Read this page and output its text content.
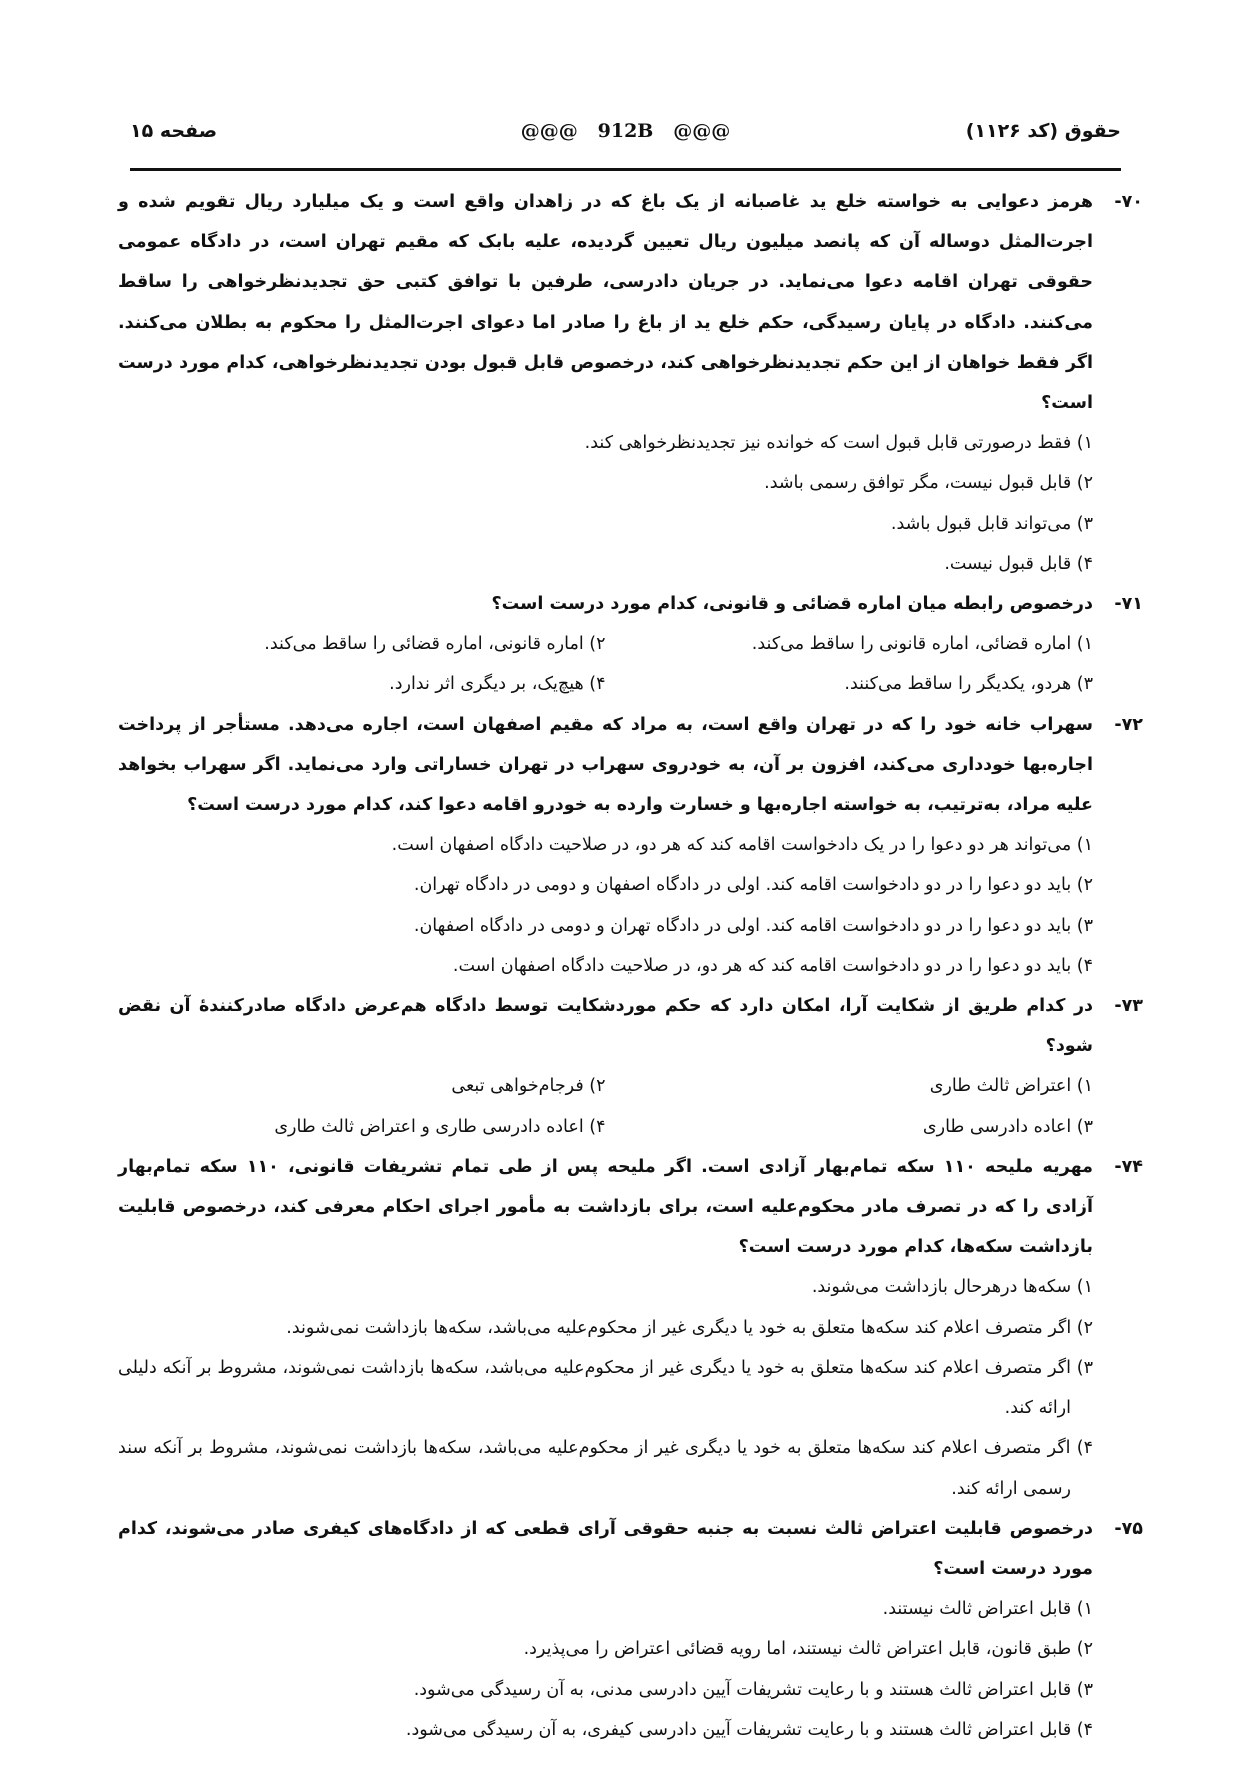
حقوق (کد ۱۱۲۶)
@@@   912B   @@@
صفحه ۱۵
۷۰-
هرمز دعوایی به خواسته خلع ید غاصبانه از یک باغ که در زاهدان واقع است و یک میلیارد ریال تقویم شده و اجرت‌المثل دوساله آن که پانصد میلیون ریال تعیین گردیده، علیه بابک که مقیم تهران است، در دادگاه عمومی حقوقی تهران اقامه دعوا می‌نماید. در جریان دادرسی، طرفین با توافق کتبی حق تجدیدنظرخواهی را ساقط می‌کنند. دادگاه در پایان رسیدگی، حکم خلع ید از باغ را صادر اما دعوای اجرت‌المثل را محکوم به بطلان می‌کنند. اگر فقط خواهان از این حکم تجدیدنظرخواهی کند، درخصوص قابل قبول بودن تجدیدنظرخواهی، کدام مورد درست است؟
۱) فقط درصورتی قابل قبول است که خوانده نیز تجدیدنظرخواهی کند.
۲) قابل قبول نیست، مگر توافق رسمی باشد.
۳) می‌تواند قابل قبول باشد.
۴) قابل قبول نیست.
۷۱-
درخصوص رابطه میان اماره قضائی و قانونی، کدام مورد درست است؟
۱) اماره قضائی، اماره قانونی را ساقط می‌کند.
۲) اماره قانونی، اماره قضائی را ساقط می‌کند.
۳) هردو، یکدیگر را ساقط می‌کنند.
۴) هیچ‌یک، بر دیگری اثر ندارد.
۷۲-
سهراب خانه خود را که در تهران واقع است، به مراد که مقیم اصفهان است، اجاره می‌دهد. مستأجر از پرداخت اجاره‌بها خودداری می‌کند، افزون بر آن، به خودروی سهراب در تهران خساراتی وارد می‌نماید. اگر سهراب بخواهد علیه مراد، به‌ترتیب، به خواسته اجاره‌بها و خسارت وارده به خودرو اقامه دعوا کند، کدام مورد درست است؟
۱) می‌تواند هر دو دعوا را در یک دادخواست اقامه کند که هر دو، در صلاحیت دادگاه اصفهان است.
۲) باید دو دعوا را در دو دادخواست اقامه کند. اولی در دادگاه اصفهان و دومی در دادگاه تهران.
۳) باید دو دعوا را در دو دادخواست اقامه کند. اولی در دادگاه تهران و دومی در دادگاه اصفهان.
۴) باید دو دعوا را در دو دادخواست اقامه کند که هر دو، در صلاحیت دادگاه اصفهان است.
۷۳-
در کدام طریق از شکایت آرا، امکان دارد که حکم موردشکایت توسط دادگاه هم‌عرض دادگاه صادرکنندهٔ آن نقض شود؟
۱) اعتراض ثالث طاری
۲) فرجام‌خواهی تبعی
۳) اعاده دادرسی طاری
۴) اعاده دادرسی طاری و اعتراض ثالث طاری
۷۴-
مهریه ملیحه ۱۱۰ سکه تمام‌بهار آزادی است. اگر ملیحه پس از طی تمام تشریفات قانونی، ۱۱۰ سکه تمام‌بهار آزادی را که در تصرف مادر محکوم‌علیه است، برای بازداشت به مأمور اجرای احکام معرفی کند، درخصوص قابلیت بازداشت سکه‌ها، کدام مورد درست است؟
۱) سکه‌ها درهرحال بازداشت می‌شوند.
۲) اگر متصرف اعلام کند سکه‌ها متعلق به خود یا دیگری غیر از محکوم‌علیه می‌باشد، سکه‌ها بازداشت نمی‌شوند.
۳) اگر متصرف اعلام کند سکه‌ها متعلق به خود یا دیگری غیر از محکوم‌علیه می‌باشد، سکه‌ها بازداشت نمی‌شوند، مشروط بر آنکه دلیلی ارائه کند.
۴) اگر متصرف اعلام کند سکه‌ها متعلق به خود یا دیگری غیر از محکوم‌علیه می‌باشد، سکه‌ها بازداشت نمی‌شوند، مشروط بر آنکه سند رسمی ارائه کند.
۷۵-
درخصوص قابلیت اعتراض ثالث نسبت به جنبه حقوقی آرای قطعی که از دادگاه‌های کیفری صادر می‌شوند، کدام مورد درست است؟
۱) قابل اعتراض ثالث نیستند.
۲) طبق قانون، قابل اعتراض ثالث نیستند، اما رویه قضائی اعتراض را می‌پذیرد.
۳) قابل اعتراض ثالث هستند و با رعایت تشریفات آیین دادرسی مدنی، به آن رسیدگی می‌شود.
۴) قابل اعتراض ثالث هستند و با رعایت تشریفات آیین دادرسی کیفری، به آن رسیدگی می‌شود.
